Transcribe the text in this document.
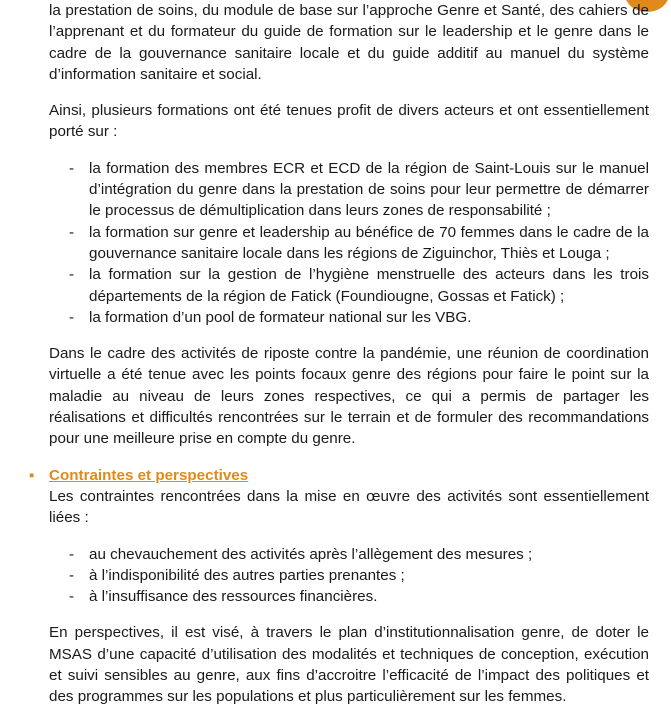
la prestation de soins, du module de base sur l’approche Genre et Santé, des cahiers de l’apprenant et du formateur du guide de formation sur le leadership et le genre dans le cadre de la gouvernance sanitaire locale et du guide additif au manuel du système d’information sanitaire et social.

Ainsi, plusieurs formations ont été tenues profit de divers acteurs et ont essentiellement porté sur :

- la formation des membres ECR et ECD de la région de Saint-Louis sur le manuel d’intégration du genre dans la prestation de soins pour leur permettre de démarrer le processus de démultiplication dans leurs zones de responsabilité ;
- la formation sur genre et leadership au bénéfice de 70 femmes dans le cadre de la gouvernance sanitaire locale dans les régions de Ziguinchor, Thiès et Louga ;
- la formation sur la gestion de l’hygiène menstruelle des acteurs dans les trois départements de la région de Fatick (Foundiougne, Gossas et Fatick) ;
- la formation d’un pool de formateur national sur les VBG.

Dans le cadre des activités de riposte contre la pandémie, une réunion de coordination virtuelle a été tenue avec les points focaux genre des régions pour faire le point sur la maladie au niveau de leurs zones respectives, ce qui a permis de partager les réalisations et difficultés rencontrées sur le terrain et de formuler des recommandations pour une meilleure prise en compte du genre.

▪ Contraintes et perspectives

Les contraintes rencontrées dans la mise en œuvre des activités sont essentiellement liées :

- au chevauchement des activités après l’allègement des mesures ;
- à l’indisponibilité des autres parties prenantes ;
- à l’insuffisance des ressources financières.

En perspectives, il est visé, à travers le plan d’institutionnalisation genre, de doter le MSAS d’une capacité d’utilisation des modalités et techniques de conception, exécution et suivi sensibles au genre, aux fins d’accroitre l’efficacité de l’impact des politiques et des programmes sur les populations et plus particulièrement sur les femmes.
